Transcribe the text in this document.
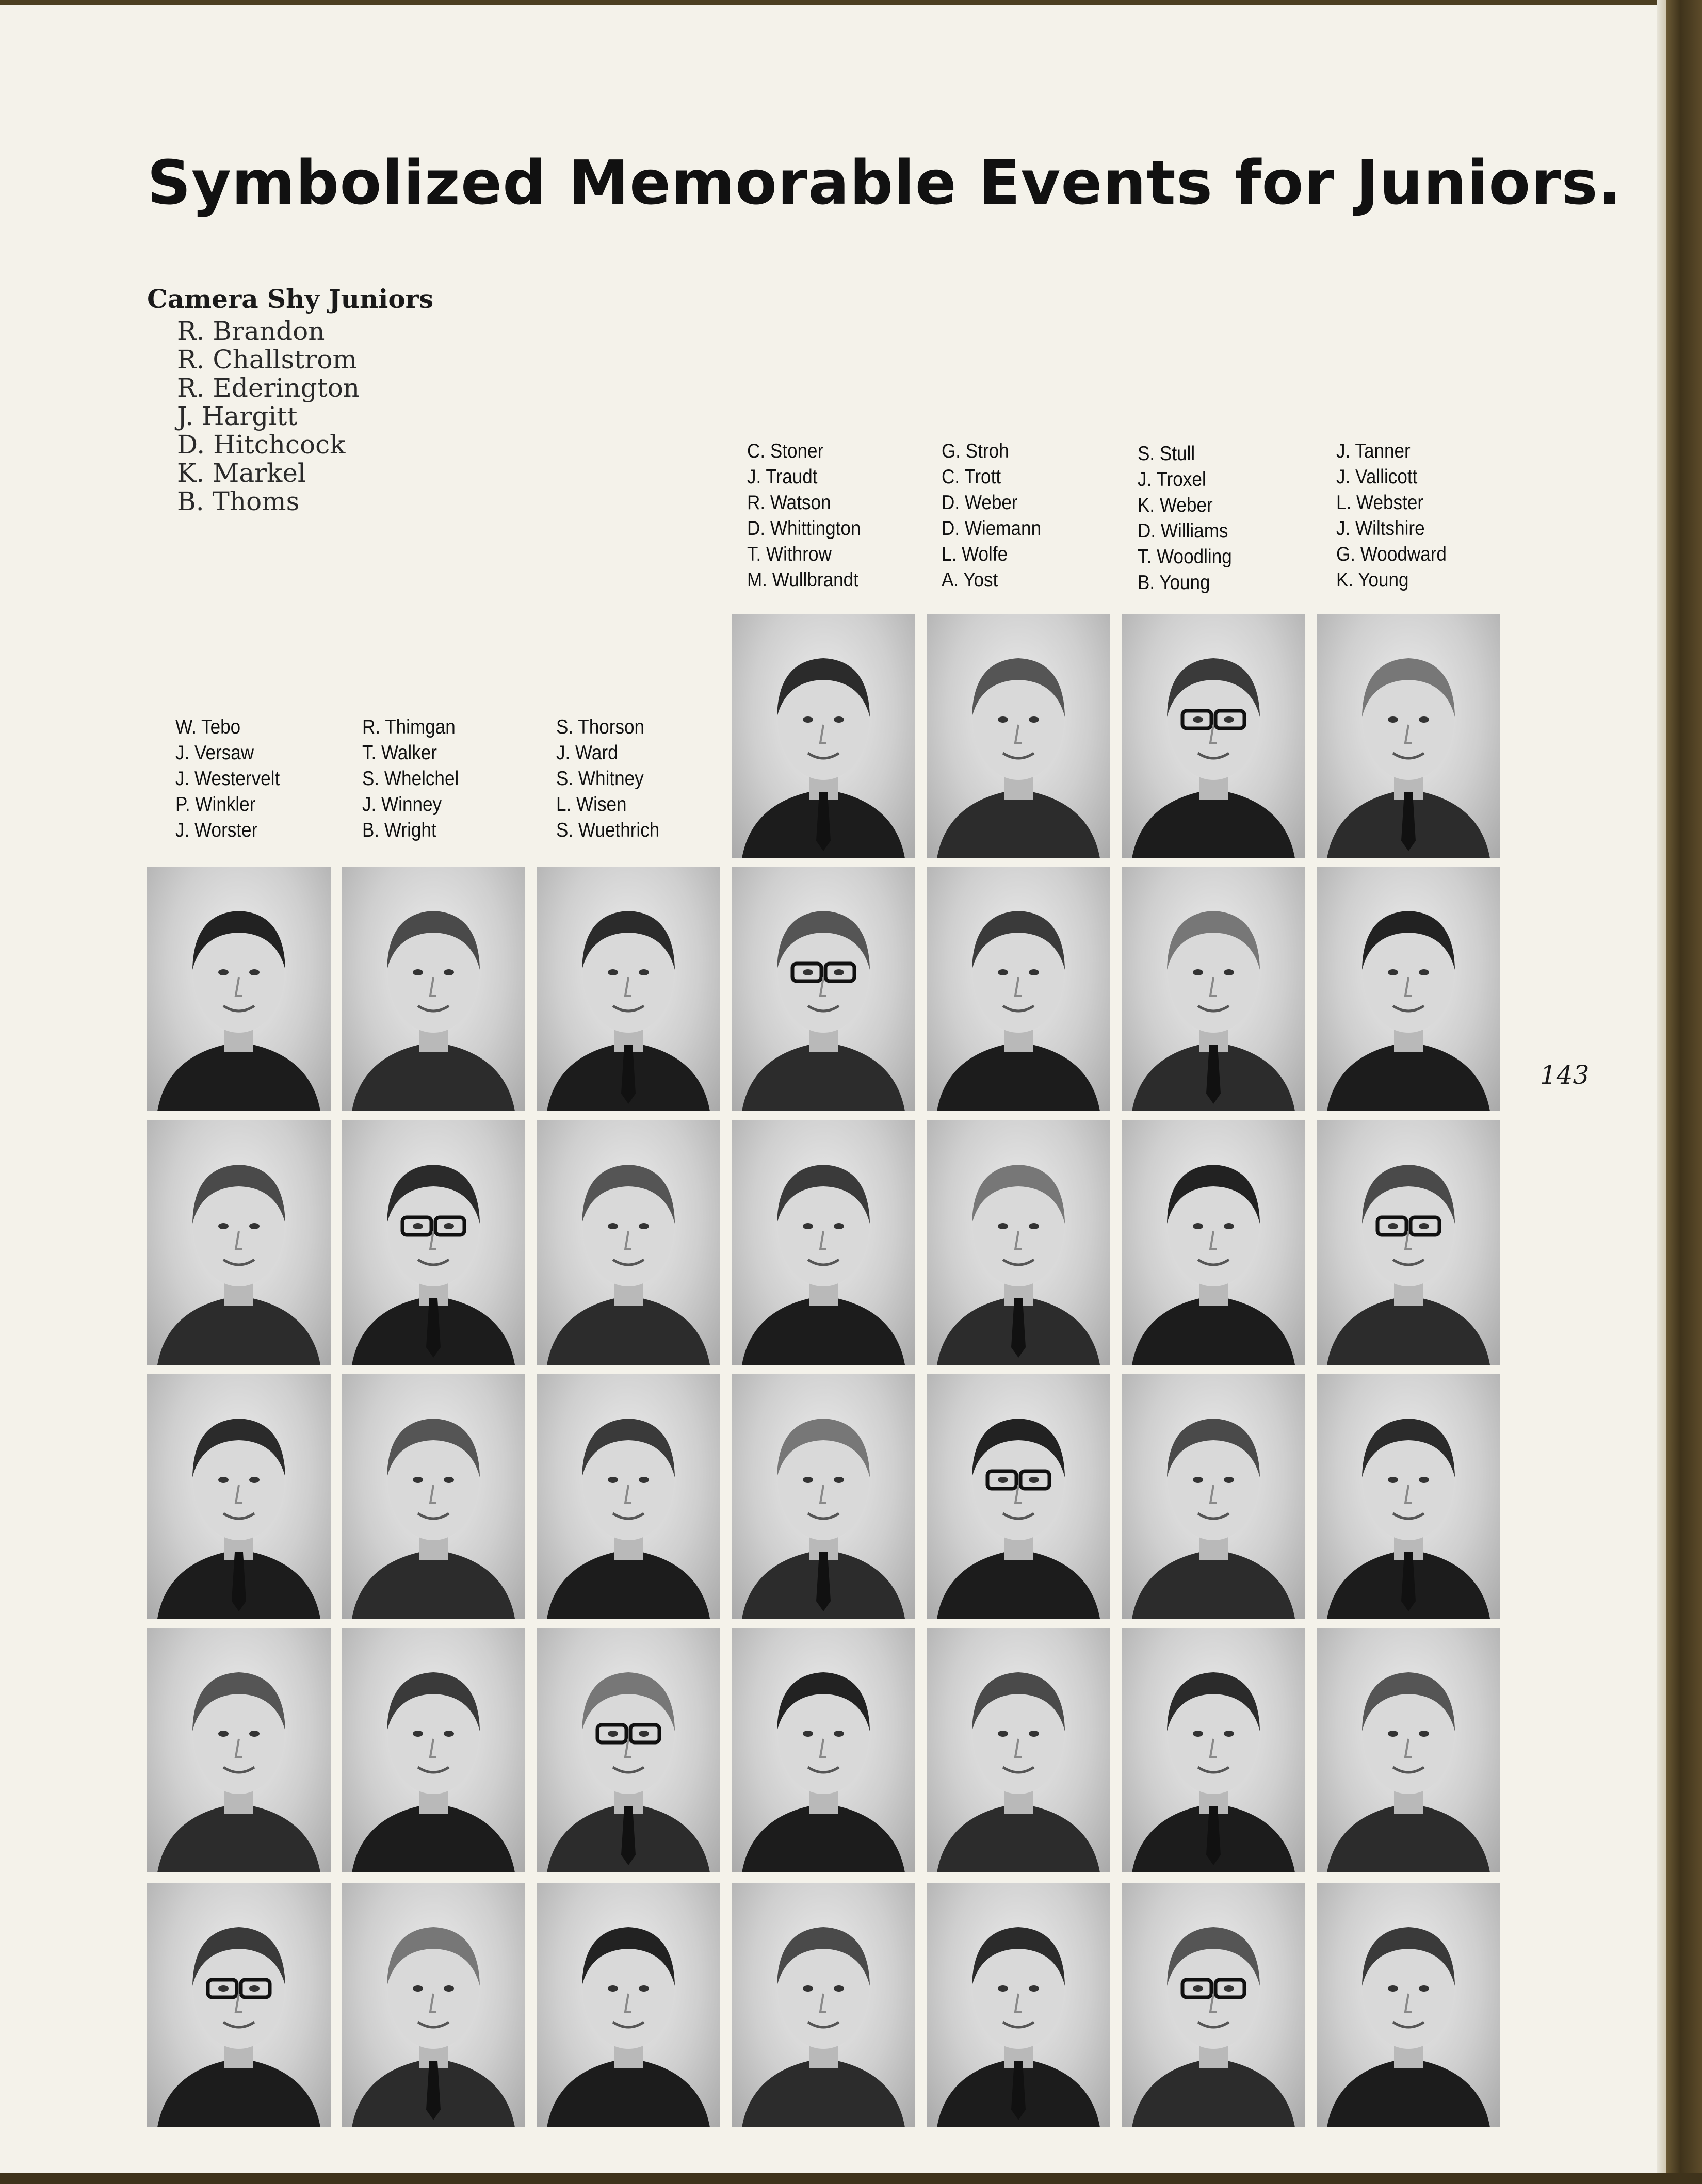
Symbolized Memorable Events for Juniors.
Camera Shy Juniors
R. Brandon
R. Challstrom
R. Ederington
J. Hargitt
D. Hitchcock
K. Markel
B. Thoms
C. Stoner
J. Traudt
R. Watson
D. Whittington
T. Withrow
M. Wullbrandt
G. Stroh
C. Trott
D. Weber
D. Wiemann
L. Wolfe
A. Yost
S. Stull
J. Troxel
K. Weber
D. Williams
T. Woodling
B. Young
J. Tanner
J. Vallicott
L. Webster
J. Wiltshire
G. Woodward
K. Young
W. Tebo
J. Versaw
J. Westervelt
P. Winkler
J. Worster
R. Thimgan
T. Walker
S. Whelchel
J. Winney
B. Wright
S. Thorson
J. Ward
S. Whitney
L. Wisen
S. Wuethrich
143
